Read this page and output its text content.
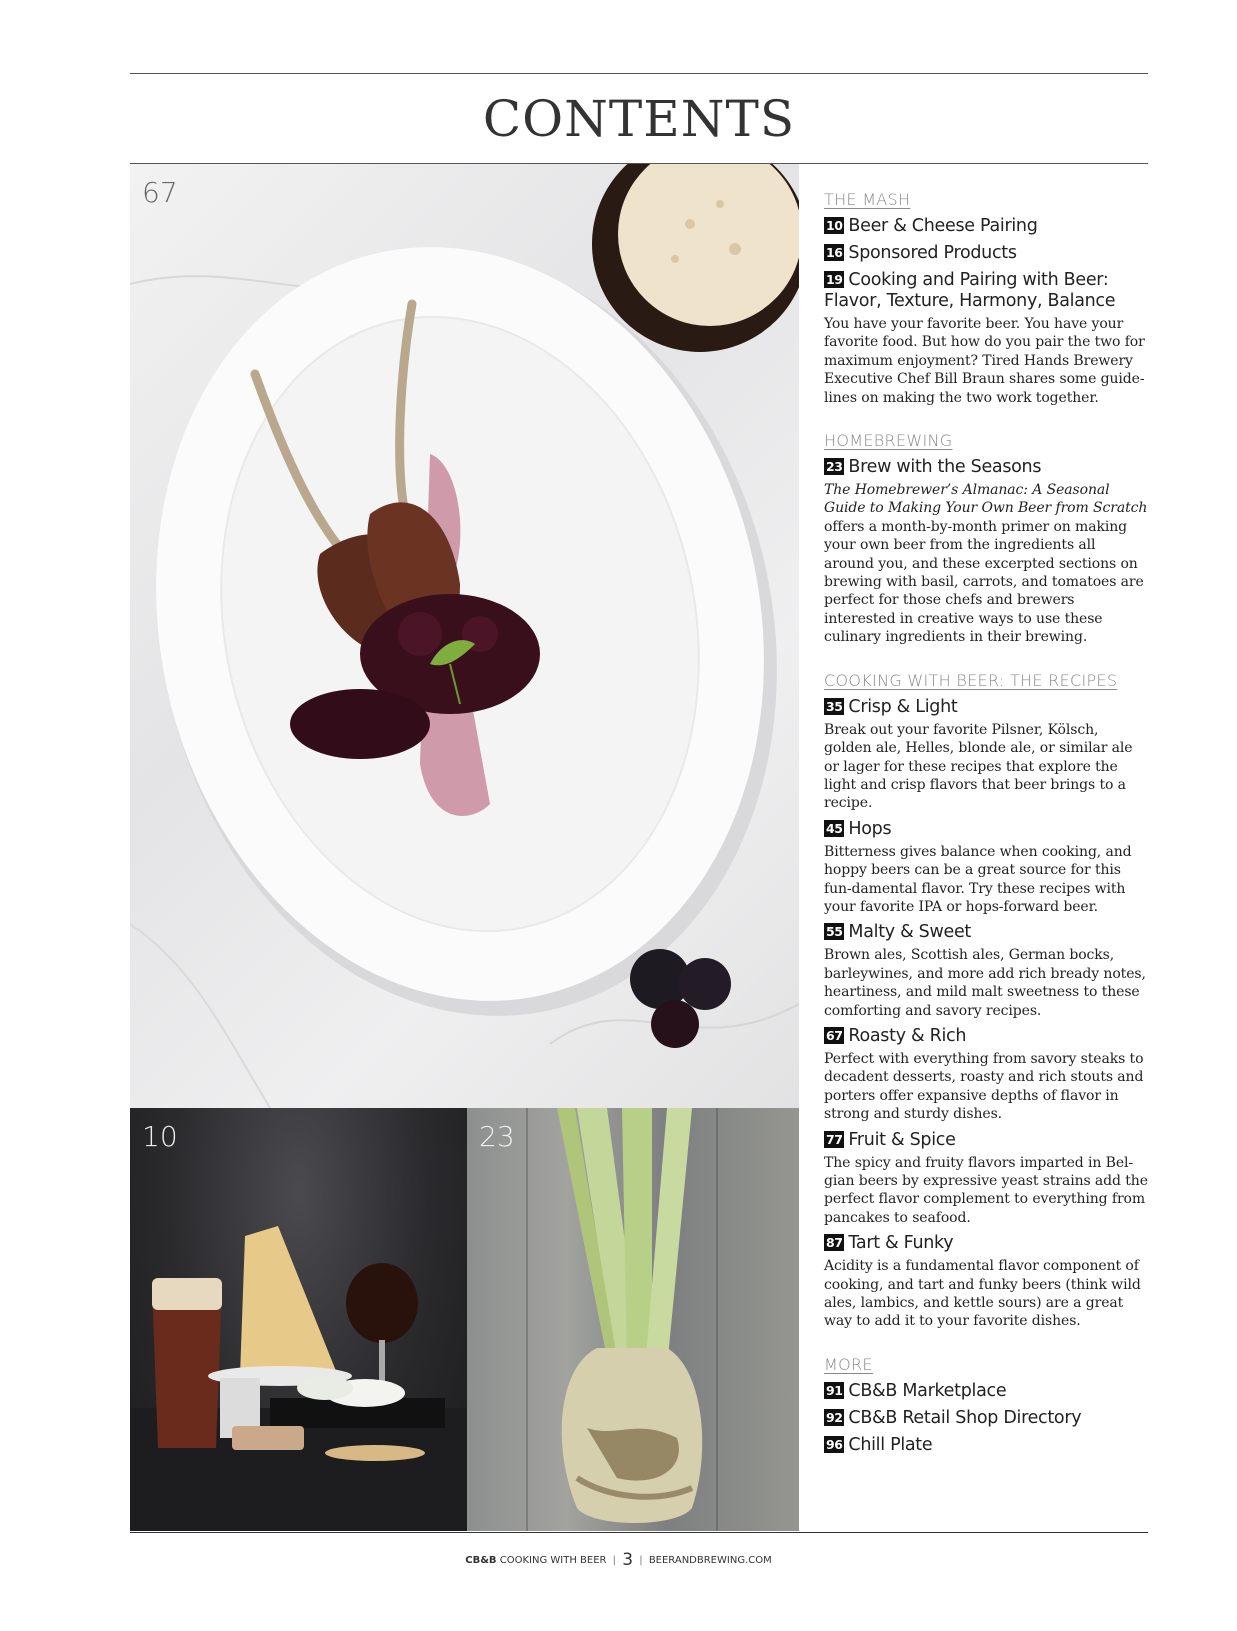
CONTENTS
67
10	23
THE MASH
10 Beer & Cheese Pairing
16 Sponsored Products
19 Cooking and Pairing with Beer: Flavor, Texture, Harmony, Balance
You have your favorite beer. You have your favorite food. But how do you pair the two for maximum enjoyment? Tired Hands Brewery Executive Chef Bill Braun shares some guide-lines on making the two work together.
HOMEBREWING
23 Brew with the Seasons
The Homebrewer’s Almanac: A Seasonal Guide to Making Your Own Beer from Scratch offers a month-by-month primer on making your own beer from the ingredients all around you, and these excerpted sections on brewing with basil, carrots, and tomatoes are perfect for those chefs and brewers interested in creative ways to use these culinary ingredients in their brewing.
COOKING WITH BEER: THE RECIPES
35 Crisp & Light
Break out your favorite Pilsner, Kölsch, golden ale, Helles, blonde ale, or similar ale or lager for these recipes that explore the light and crisp flavors that beer brings to a recipe.
45 Hops
Bitterness gives balance when cooking, and hoppy beers can be a great source for this fun-damental flavor. Try these recipes with your favorite IPA or hops-forward beer.
55 Malty & Sweet
Brown ales, Scottish ales, German bocks, barleywines, and more add rich bready notes, heartiness, and mild malt sweetness to these comforting and savory recipes.
67 Roasty & Rich
Perfect with everything from savory steaks to decadent desserts, roasty and rich stouts and porters offer expansive depths of flavor in strong and sturdy dishes.
77 Fruit & Spice
The spicy and fruity flavors imparted in Bel-gian beers by expressive yeast strains add the perfect flavor complement to everything from pancakes to seafood.
87 Tart & Funky
Acidity is a fundamental flavor component of cooking, and tart and funky beers (think wild ales, lambics, and kettle sours) are a great way to add it to your favorite dishes.
MORE
91 CB&B Marketplace
92 CB&B Retail Shop Directory
96 Chill Plate
CB&B COOKING WITH BEER | 3 | BEERANDBREWING.COM
